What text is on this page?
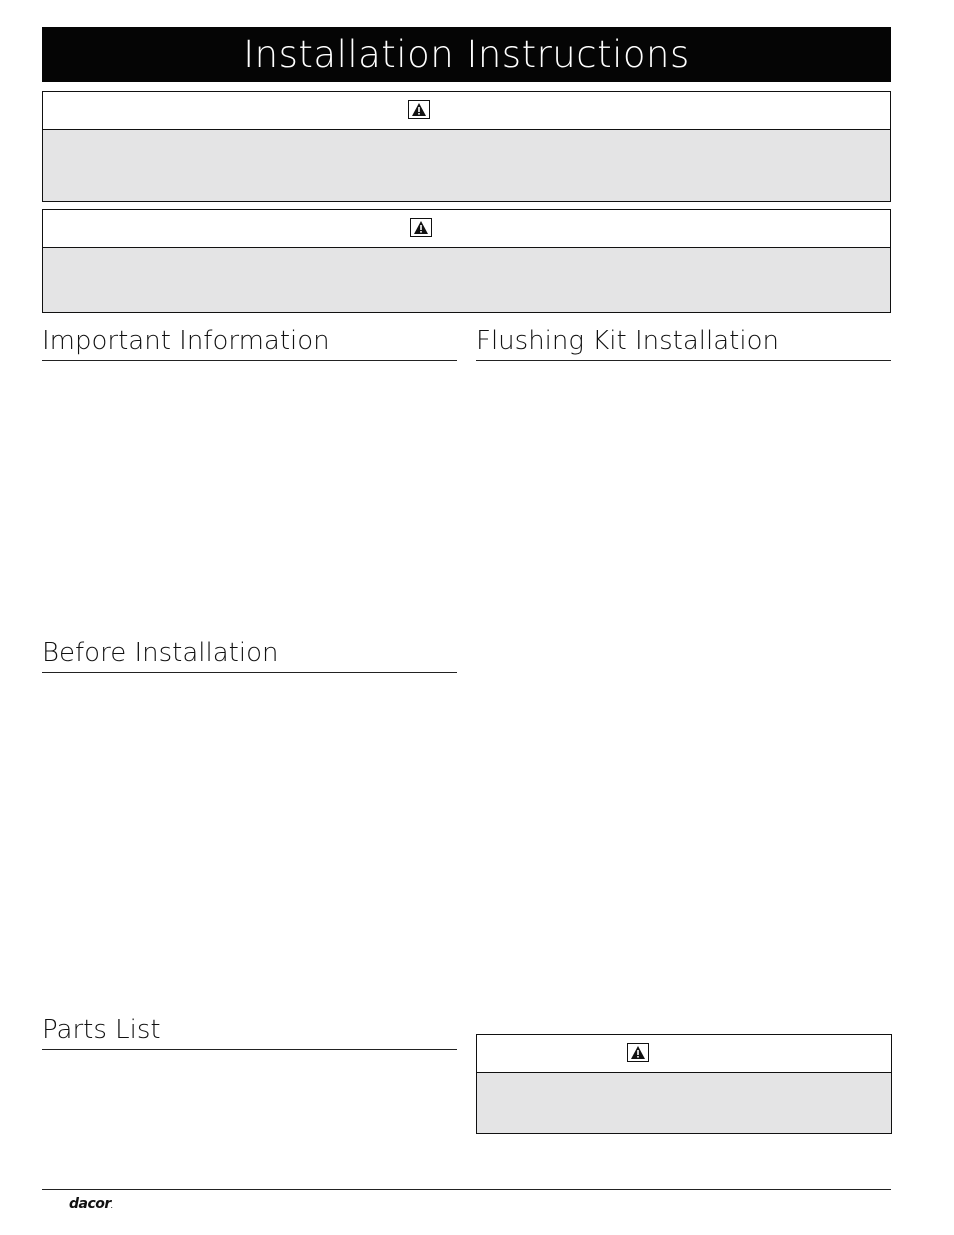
Installation Instructions
Important Information	Flushing Kit Installation
Before Installation
Parts List
dacor.
